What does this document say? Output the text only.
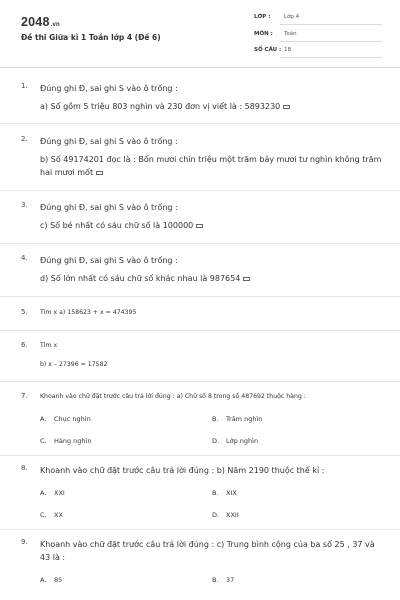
2048.vn
Đề thi Giữa kì 1 Toán lớp 4 (Đề 6)
LỚP : Lớp 4
MÔN : Toán
SỐ CÂU : 18
1. Đúng ghi Đ, sai ghi S vào ô trống :
a) Số gồm 5 triệu 803 nghìn và 230 đơn vị viết là : 5893230
2. Đúng ghi Đ, sai ghi S vào ô trống :
b) Số 49174201 đọc là : Bốn mươi chín triệu một trăm bảy mươi tư nghìn không trăm hai mươi mốt
3. Đúng ghi Đ, sai ghi S vào ô trống :
c) Số bé nhất có sáu chữ số là 100000
4. Đúng ghi Đ, sai ghi S vào ô trống :
d) Số lớn nhất có sáu chữ số khác nhau là 987654
5. Tìm x a) 158623 + x = 474395
6. Tìm x
b) x – 27396 = 17582
7. Khoanh vào chữ đặt trước câu trả lời đúng : a) Chữ số 8 trong số 487692 thuộc hàng :
A. Chục nghìn	B. Trăm nghìn
C. Hàng nghìn	D. Lớp nghìn
8. Khoanh vào chữ đặt trước câu trả lời đúng : b) Năm 2190 thuộc thế kỉ :
A. XXI	B. XIX
C. XX	D. XXII
9. Khoanh vào chữ đặt trước câu trả lời đúng : c) Trung bình cộng của ba số 25 , 37 và 43 là :
A. 85	B. 37
